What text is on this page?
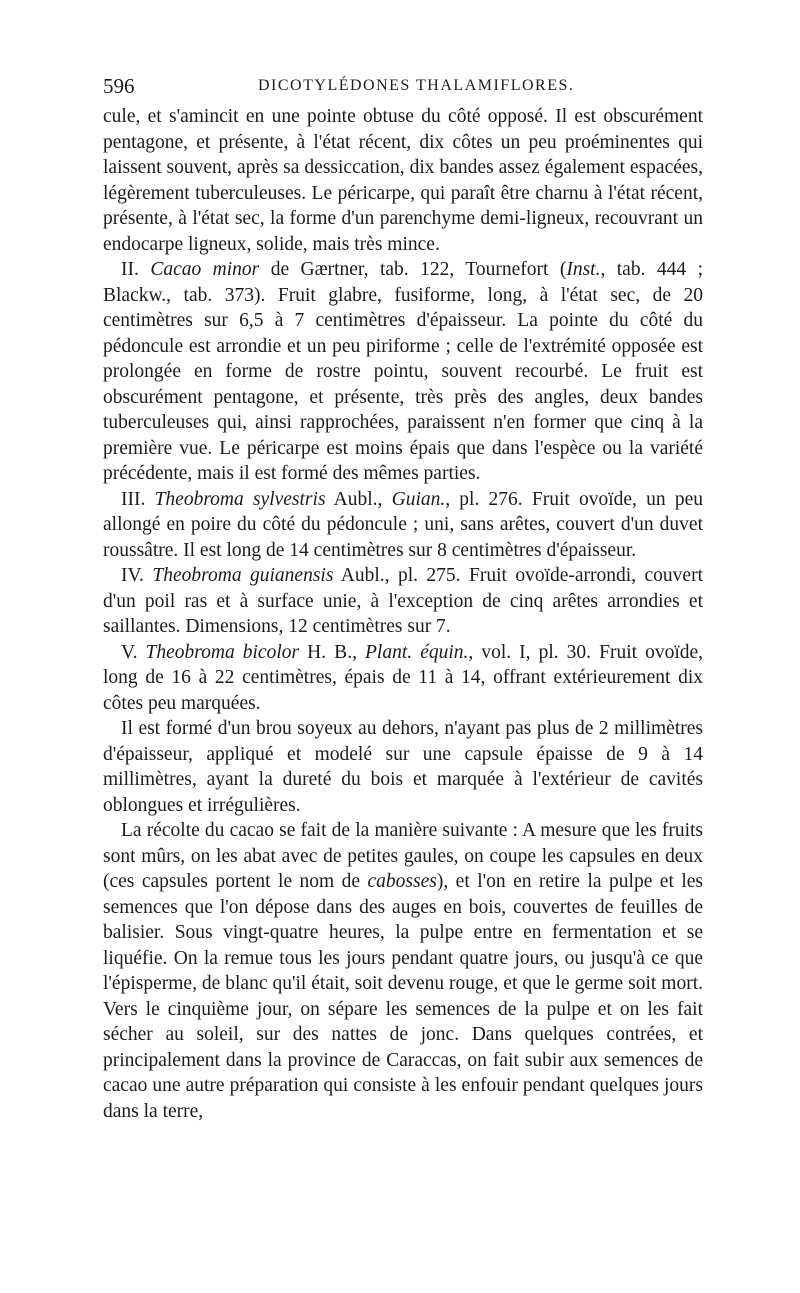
596	DICOTYLÉDONES THALAMIFLORES.

cule, et s'amincit en une pointe obtuse du côté opposé. Il est obscurément pentagone, et présente, à l'état récent, dix côtes un peu proéminentes qui laissent souvent, après sa dessiccation, dix bandes assez également espacées, légèrement tuberculeuses. Le péricarpe, qui paraît être charnu à l'état récent, présente, à l'état sec, la forme d'un parenchyme demi-ligneux, recouvrant un endocarpe ligneux, solide, mais très mince.

II. Cacao minor de Gærtner, tab. 122, Tournefort (Inst., tab. 444 ; Blackw., tab. 373). Fruit glabre, fusiforme, long, à l'état sec, de 20 centimètres sur 6,5 à 7 centimètres d'épaisseur. La pointe du côté du pédoncule est arrondie et un peu piriforme ; celle de l'extrémité opposée est prolongée en forme de rostre pointu, souvent recourbé. Le fruit est obscurément pentagone, et présente, très près des angles, deux bandes tuberculeuses qui, ainsi rapprochées, paraissent n'en former que cinq à la première vue. Le péricarpe est moins épais que dans l'espèce ou la variété précédente, mais il est formé des mêmes parties.

III. Theobroma sylvestris Aubl., Guian., pl. 276. Fruit ovoïde, un peu allongé en poire du côté du pédoncule ; uni, sans arêtes, couvert d'un duvet roussâtre. Il est long de 14 centimètres sur 8 centimètres d'épaisseur.

IV. Theobroma guianensis Aubl., pl. 275. Fruit ovoïde-arrondi, couvert d'un poil ras et à surface unie, à l'exception de cinq arêtes arrondies et saillantes. Dimensions, 12 centimètres sur 7.

V. Theobroma bicolor H. B., Plant. équin., vol. I, pl. 30. Fruit ovoïde, long de 16 à 22 centimètres, épais de 11 à 14, offrant extérieurement dix côtes peu marquées.

Il est formé d'un brou soyeux au dehors, n'ayant pas plus de 2 millimètres d'épaisseur, appliqué et modelé sur une capsule épaisse de 9 à 14 millimètres, ayant la dureté du bois et marquée à l'extérieur de cavités oblongues et irrégulières.

La récolte du cacao se fait de la manière suivante : A mesure que les fruits sont mûrs, on les abat avec de petites gaules, on coupe les capsules en deux (ces capsules portent le nom de cabosses), et l'on en retire la pulpe et les semences que l'on dépose dans des auges en bois, couvertes de feuilles de balisier. Sous vingt-quatre heures, la pulpe entre en fermentation et se liquéfie. On la remue tous les jours pendant quatre jours, ou jusqu'à ce que l'épisperme, de blanc qu'il était, soit devenu rouge, et que le germe soit mort. Vers le cinquième jour, on sépare les semences de la pulpe et on les fait sécher au soleil, sur des nattes de jonc. Dans quelques contrées, et principalement dans la province de Caraccas, on fait subir aux semences de cacao une autre préparation qui consiste à les enfouir pendant quelques jours dans la terre,
